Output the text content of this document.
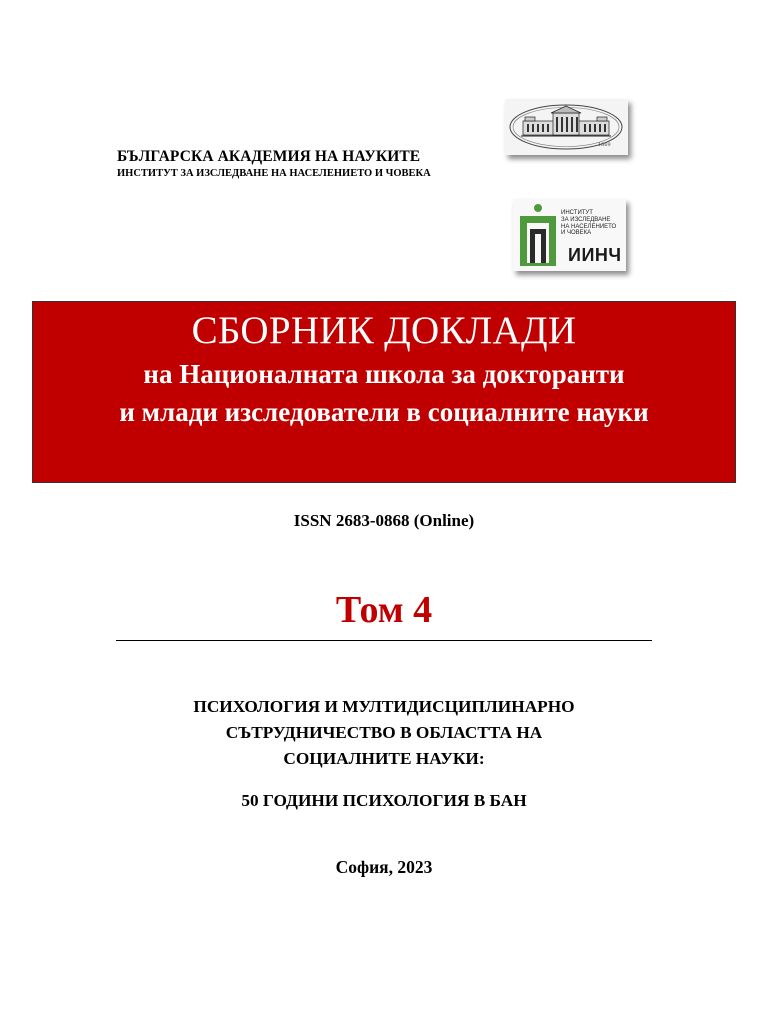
БЪЛГАРСКА АКАДЕМИЯ НА НАУКИТЕ
ИНСТИТУТ ЗА ИЗСЛЕДВАНЕ НА НАСЕЛЕНИЕТО И ЧОВЕКА
1869
ИНСТИТУТ
ЗА ИЗСЛЕДВАНЕ
НА НАСЕЛЕНИЕТО
И ЧОВЕКА
ИИНЧ
СБОРНИК ДОКЛАДИ
на Националната школа за докторанти
и млади изследователи в социалните науки
ISSN 2683-0868 (Online)
Том 4
ПСИХОЛОГИЯ И МУЛТИДИСЦИПЛИНАРНО
СЪТРУДНИЧЕСТВО В ОБЛАСТТА НА
СОЦИАЛНИТЕ НАУКИ:
50 ГОДИНИ ПСИХОЛОГИЯ В БАН
София, 2023
